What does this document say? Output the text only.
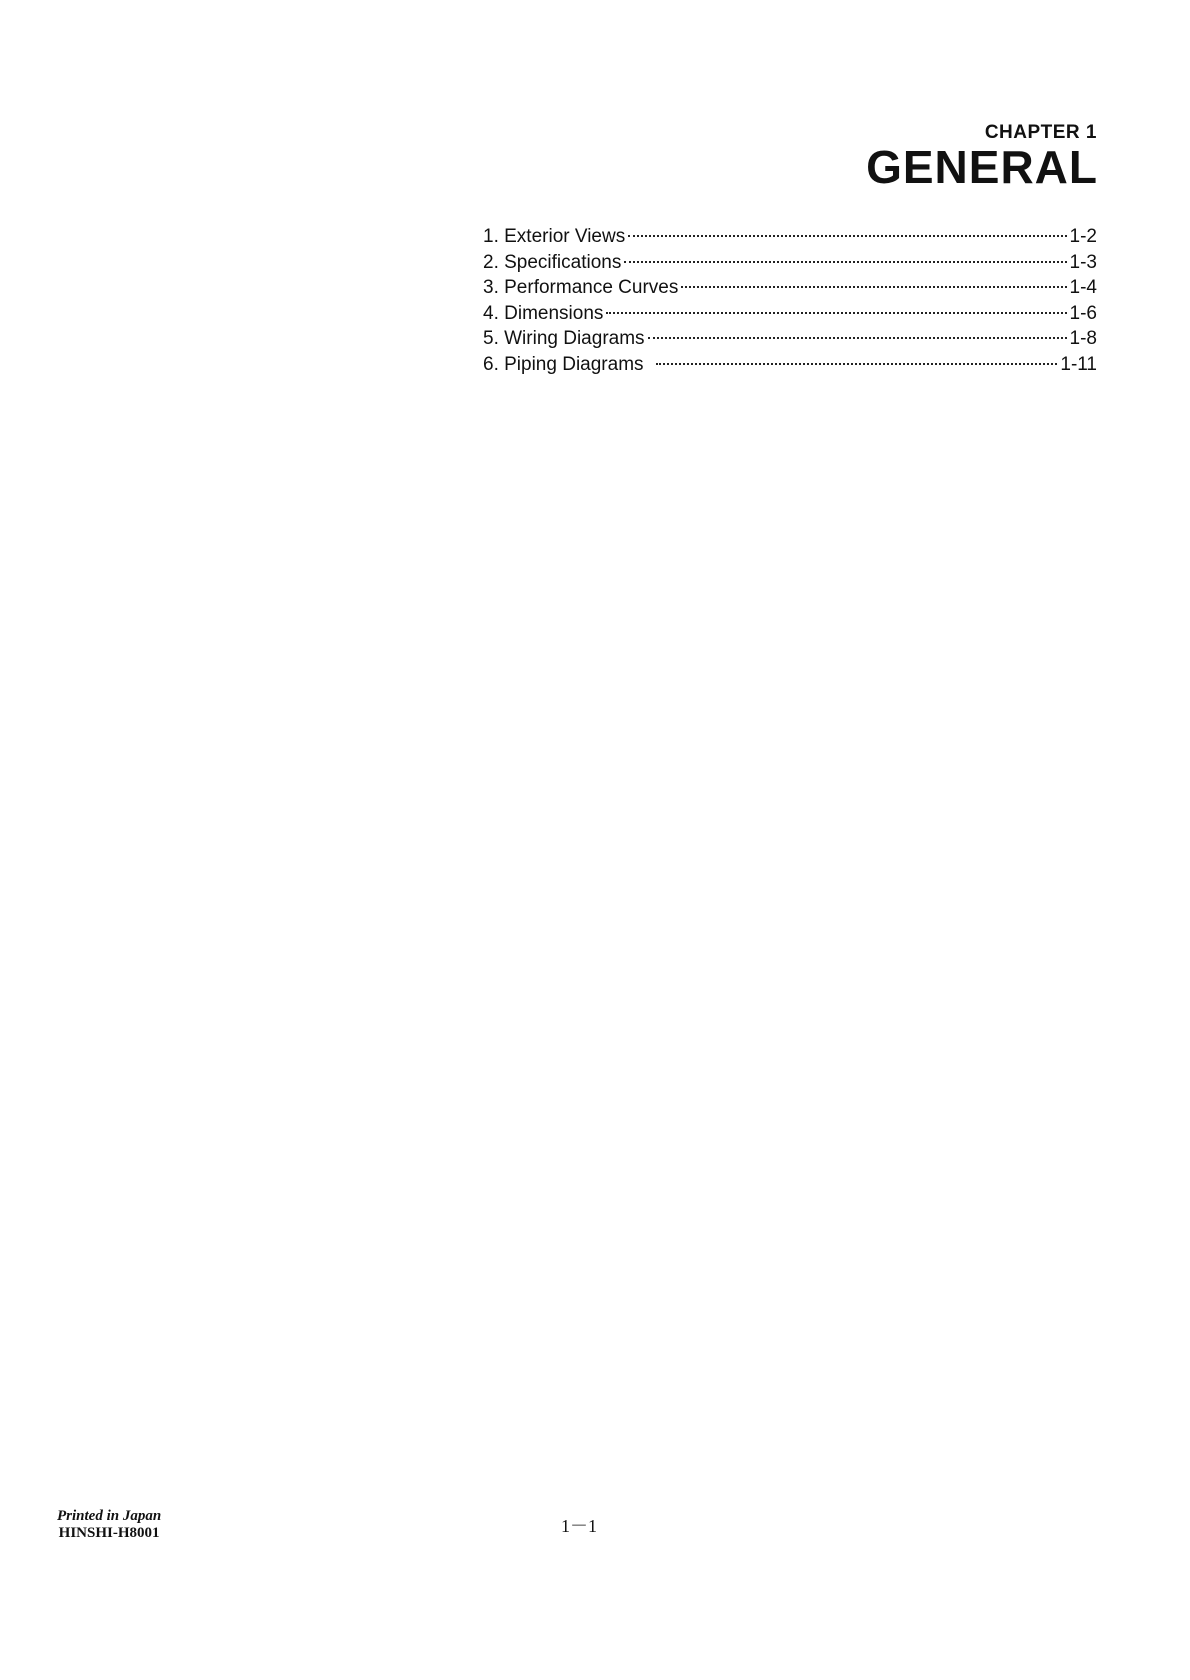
CHAPTER 1
GENERAL
1. Exterior Views	1-2
2. Specifications	1-3
3. Performance Curves	1-4
4. Dimensions	1-6
5. Wiring Diagrams	1-8
6. Piping Diagrams	1-11
Printed in Japan
HINSHI-H8001	1－1
